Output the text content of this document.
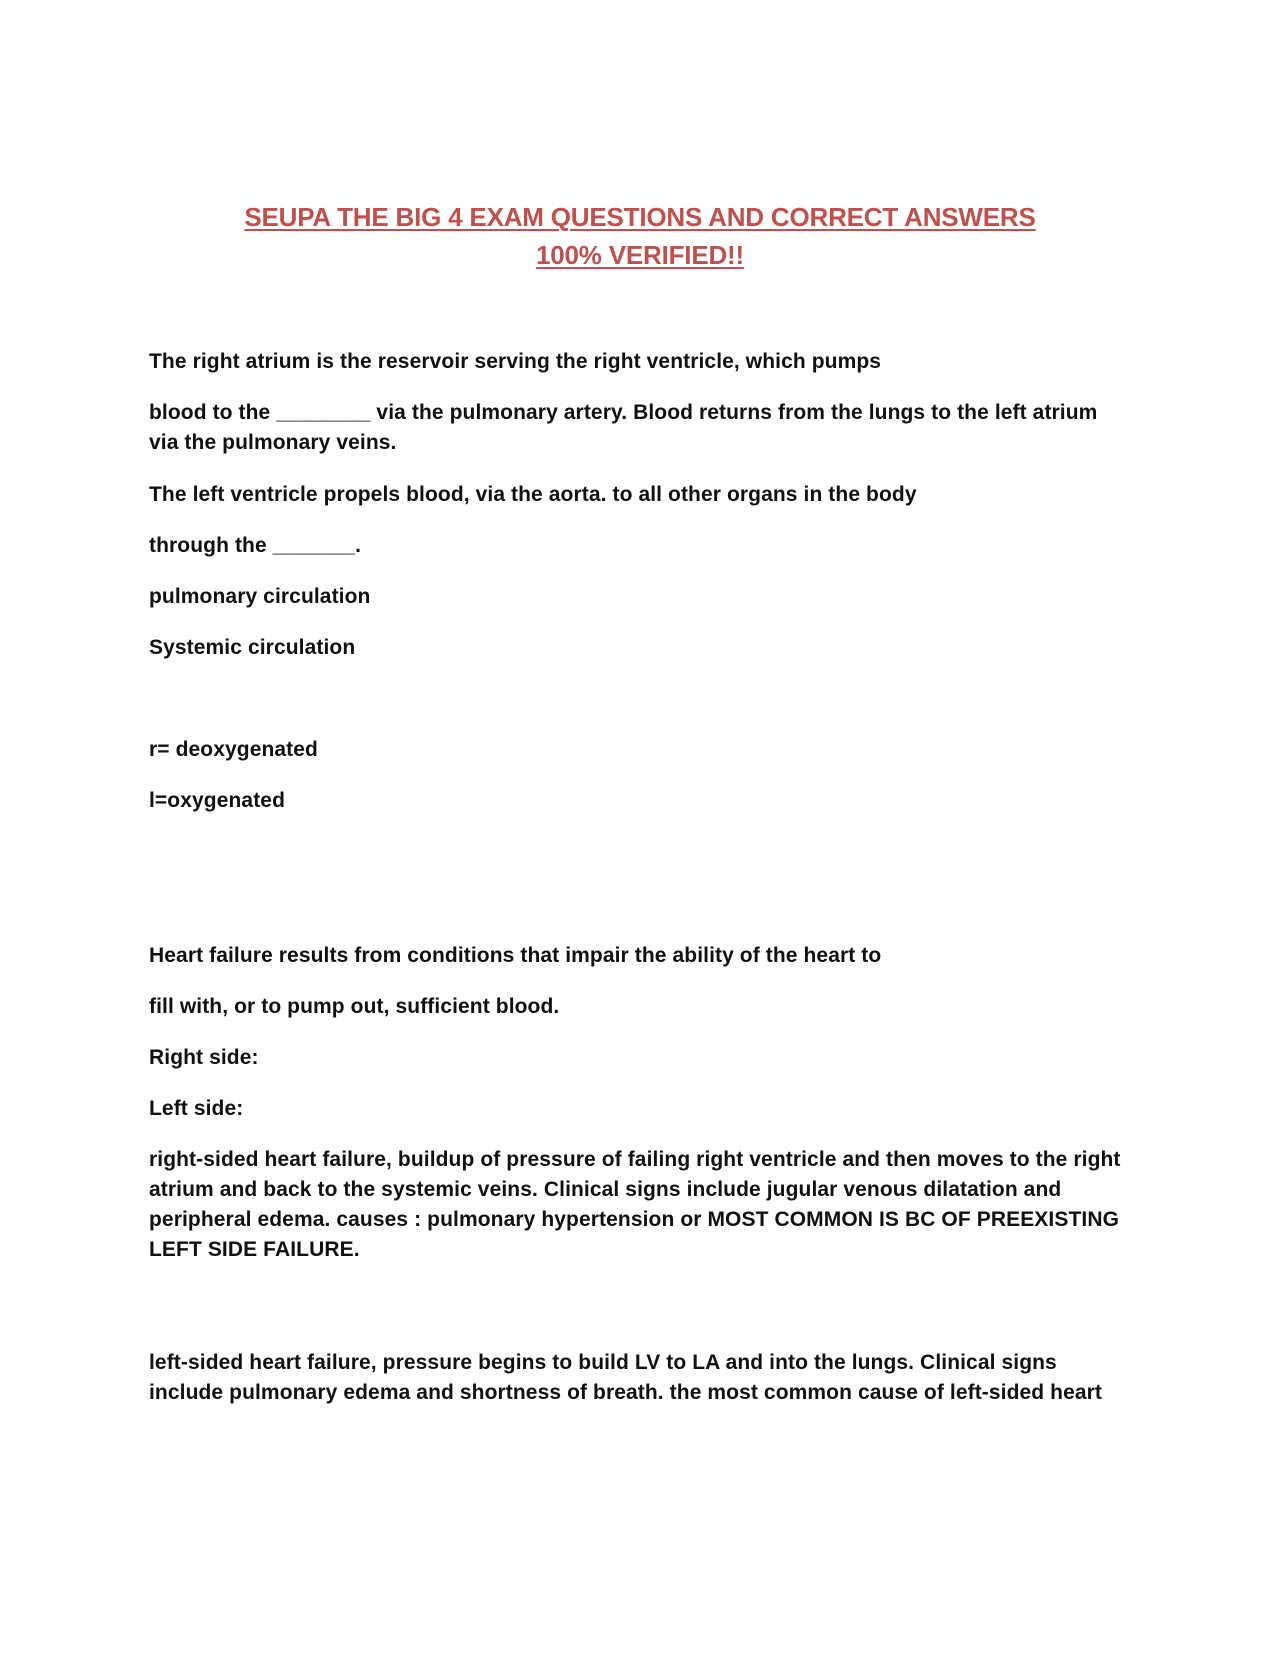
SEUPA THE BIG 4 EXAM QUESTIONS AND CORRECT ANSWERS
100% VERIFIED!!
The right atrium is the reservoir serving the right ventricle, which pumps
blood to the ________ via the pulmonary artery. Blood returns from the lungs to the left atrium via the pulmonary veins.
The left ventricle propels blood, via the aorta. to all other organs in the body
through the _______.
pulmonary circulation
Systemic circulation
r= deoxygenated
l=oxygenated
Heart failure results from conditions that impair the ability of the heart to
fill with, or to pump out, sufficient blood.
Right side:
Left side:
right-sided heart failure, buildup of pressure of failing right ventricle and then moves to the right atrium and back to the systemic veins. Clinical signs include jugular venous dilatation and peripheral edema. causes : pulmonary hypertension or MOST COMMON IS BC OF PREEXISTING LEFT SIDE FAILURE.
left-sided heart failure, pressure begins to build LV to LA and into the lungs. Clinical signs include pulmonary edema and shortness of breath. the most common cause of left-sided heart
